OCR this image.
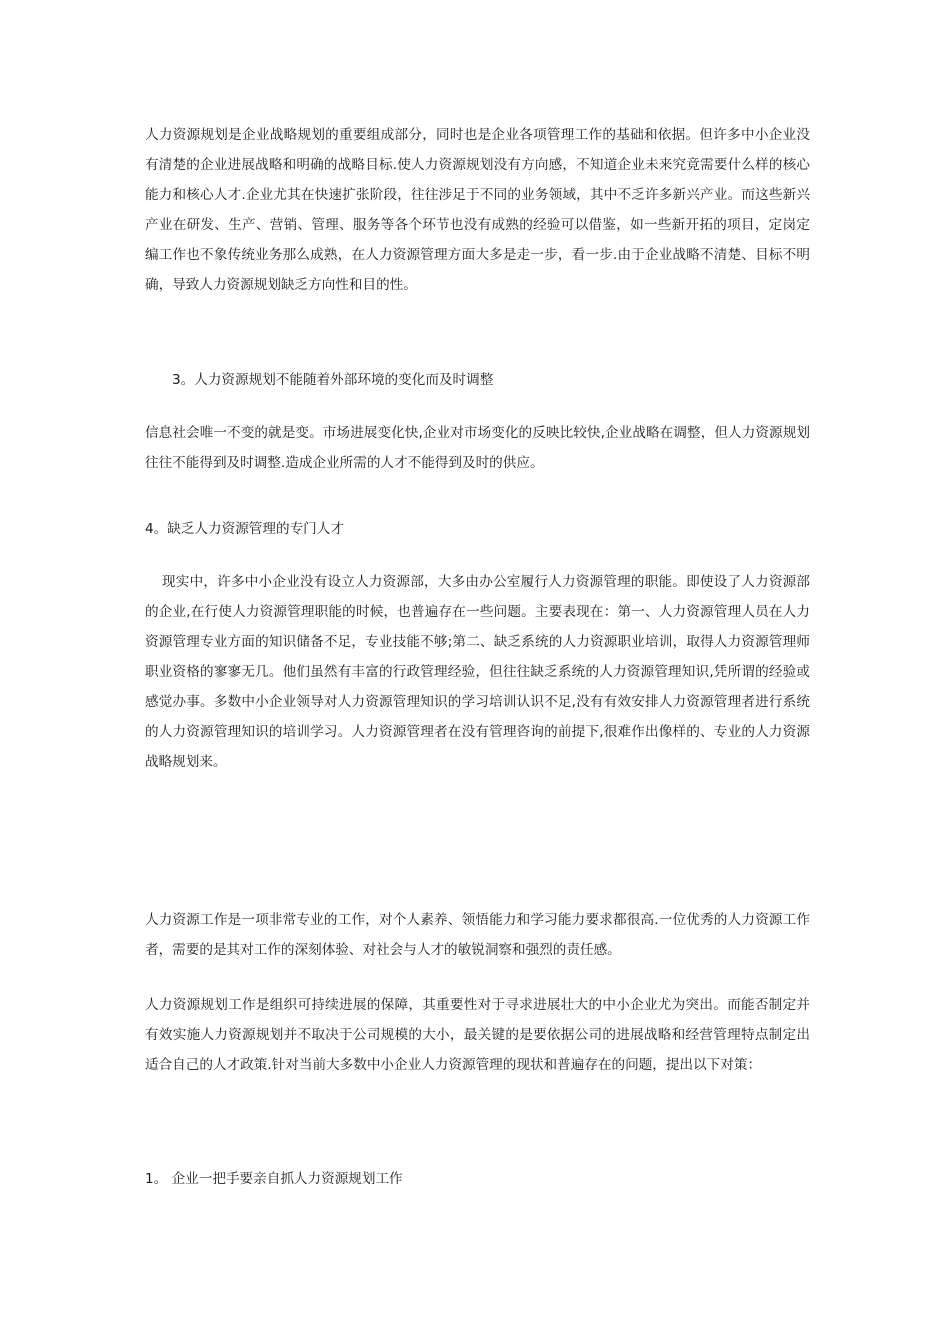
人力资源规划是企业战略规划的重要组成部分，同时也是企业各项管理工作的基础和依据。但许多中小企业没有清楚的企业进展战略和明确的战略目标.使人力资源规划没有方向感，不知道企业未来究竟需要什么样的核心能力和核心人才.企业尤其在快速扩张阶段，往往涉足于不同的业务领域，其中不乏许多新兴产业。而这些新兴产业在研发、生产、营销、管理、服务等各个环节也没有成熟的经验可以借鉴，如一些新开拓的项目，定岗定编工作也不象传统业务那么成熟，在人力资源管理方面大多是走一步，看一步.由于企业战略不清楚、目标不明确，导致人力资源规划缺乏方向性和目的性。

3。人力资源规划不能随着外部环境的变化而及时调整

信息社会唯一不变的就是变。市场进展变化快,企业对市场变化的反映比较快,企业战略在调整，但人力资源规划往往不能得到及时调整.造成企业所需的人才不能得到及时的供应。

4。缺乏人力资源管理的专门人才

现实中，许多中小企业没有设立人力资源部，大多由办公室履行人力资源管理的职能。即使设了人力资源部的企业,在行使人力资源管理职能的时候，也普遍存在一些问题。主要表现在：第一、人力资源管理人员在人力资源管理专业方面的知识储备不足，专业技能不够;第二、缺乏系统的人力资源职业培训，取得人力资源管理师职业资格的寥寥无几。他们虽然有丰富的行政管理经验，但往往缺乏系统的人力资源管理知识,凭所谓的经验或感觉办事。多数中小企业领导对人力资源管理知识的学习培训认识不足,没有有效安排人力资源管理者进行系统的人力资源管理知识的培训学习。人力资源管理者在没有管理咨询的前提下,很难作出像样的、专业的人力资源战略规划来。

人力资源工作是一项非常专业的工作，对个人素养、领悟能力和学习能力要求都很高.一位优秀的人力资源工作者，需要的是其对工作的深刻体验、对社会与人才的敏锐洞察和强烈的责任感。

人力资源规划工作是组织可持续进展的保障，其重要性对于寻求进展壮大的中小企业尤为突出。而能否制定并有效实施人力资源规划并不取决于公司规模的大小，最关键的是要依据公司的进展战略和经营管理特点制定出适合自己的人才政策.针对当前大多数中小企业人力资源管理的现状和普遍存在的问题，提出以下对策：

1。 企业一把手要亲自抓人力资源规划工作
